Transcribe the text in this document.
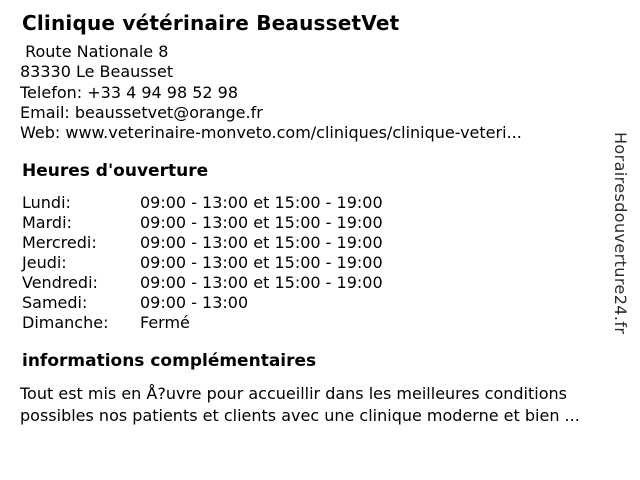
Clinique vétérinaire BeaussetVet
Route Nationale 8
83330 Le Beausset
Telefon: +33 4 94 98 52 98
Email: beaussetvet@orange.fr
Web: www.veterinaire-monveto.com/cliniques/clinique-veteri...
Heures d'ouverture
Lundi:	09:00 - 13:00 et 15:00 - 19:00
Mardi:	09:00 - 13:00 et 15:00 - 19:00
Mercredi:	09:00 - 13:00 et 15:00 - 19:00
Jeudi:	09:00 - 13:00 et 15:00 - 19:00
Vendredi:	09:00 - 13:00 et 15:00 - 19:00
Samedi:	09:00 - 13:00
Dimanche:	Fermé
informations complémentaires
Tout est mis en Å?uvre pour accueillir dans les meilleures conditions
possibles nos patients et clients avec une clinique moderne et bien ...
Horairesdouverture24.fr
